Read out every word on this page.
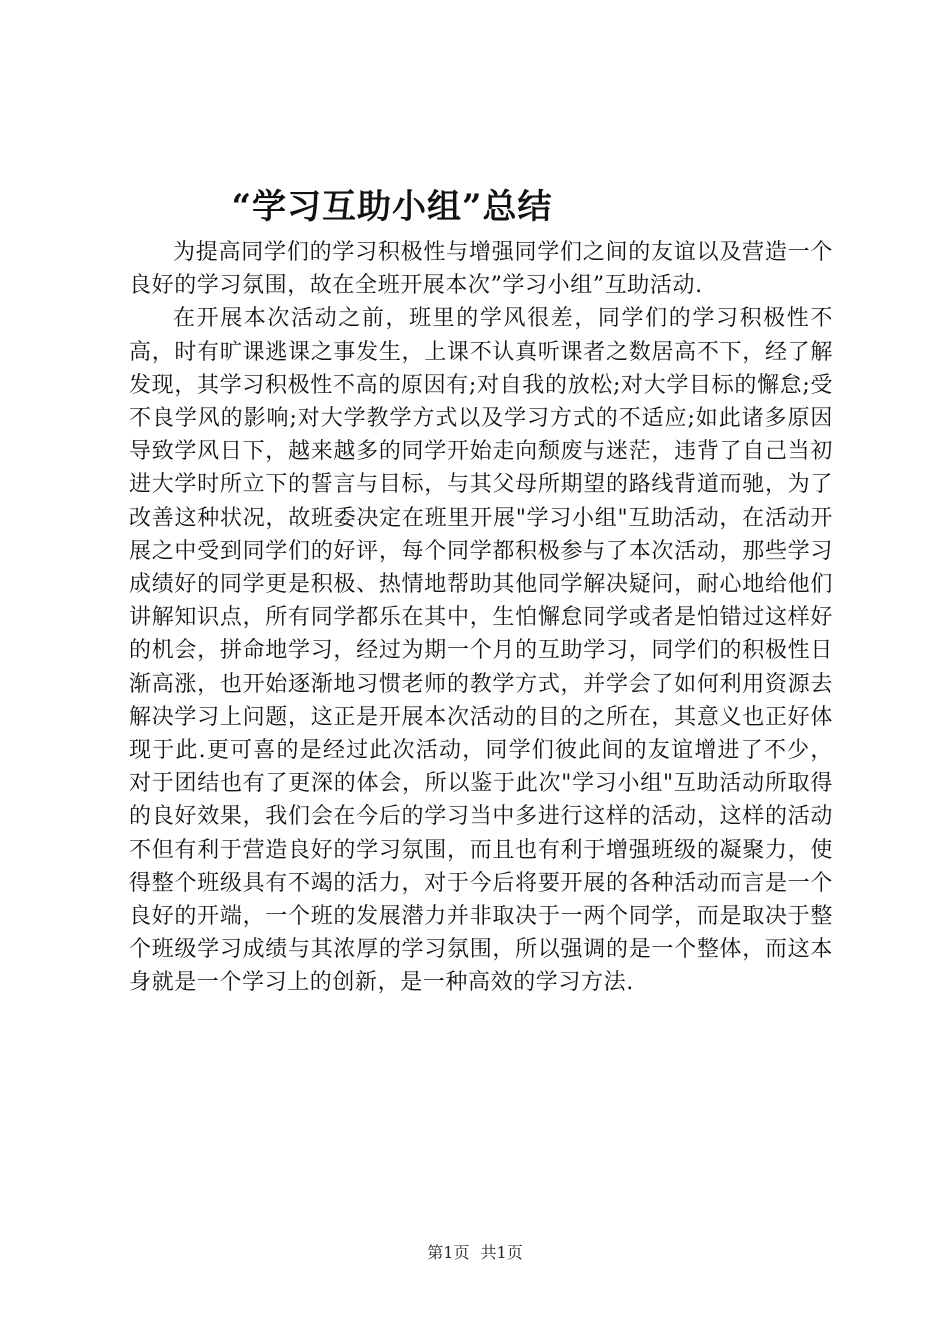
“学习互助小组”总结

为提高同学们的学习积极性与增强同学们之间的友谊以及营造一个良好的学习氛围，故在全班开展本次”学习小组”互助活动.

在开展本次活动之前，班里的学风很差，同学们的学习积极性不高，时有旷课逃课之事发生，上课不认真听课者之数居高不下，经了解发现，其学习积极性不高的原因有;对自我的放松;对大学目标的懈怠;受不良学风的影响;对大学教学方式以及学习方式的不适应;如此诸多原因导致学风日下，越来越多的同学开始走向颓废与迷茫，违背了自己当初进大学时所立下的誓言与目标，与其父母所期望的路线背道而驰，为了改善这种状况，故班委决定在班里开展"学习小组"互助活动，在活动开展之中受到同学们的好评，每个同学都积极参与了本次活动，那些学习成绩好的同学更是积极、热情地帮助其他同学解决疑问，耐心地给他们讲解知识点，所有同学都乐在其中，生怕懈怠同学或者是怕错过这样好的机会，拼命地学习，经过为期一个月的互助学习，同学们的积极性日渐高涨，也开始逐渐地习惯老师的教学方式，并学会了如何利用资源去解决学习上问题，这正是开展本次活动的目的之所在，其意义也正好体现于此.更可喜的是经过此次活动，同学们彼此间的友谊增进了不少，对于团结也有了更深的体会，所以鉴于此次"学习小组"互助活动所取得的良好效果，我们会在今后的学习当中多进行这样的活动，这样的活动不但有利于营造良好的学习氛围，而且也有利于增强班级的凝聚力，使得整个班级具有不竭的活力，对于今后将要开展的各种活动而言是一个良好的开端，一个班的发展潜力并非取决于一两个同学，而是取决于整个班级学习成绩与其浓厚的学习氛围，所以强调的是一个整体，而这本身就是一个学习上的创新，是一种高效的学习方法.

第1页 共1页
